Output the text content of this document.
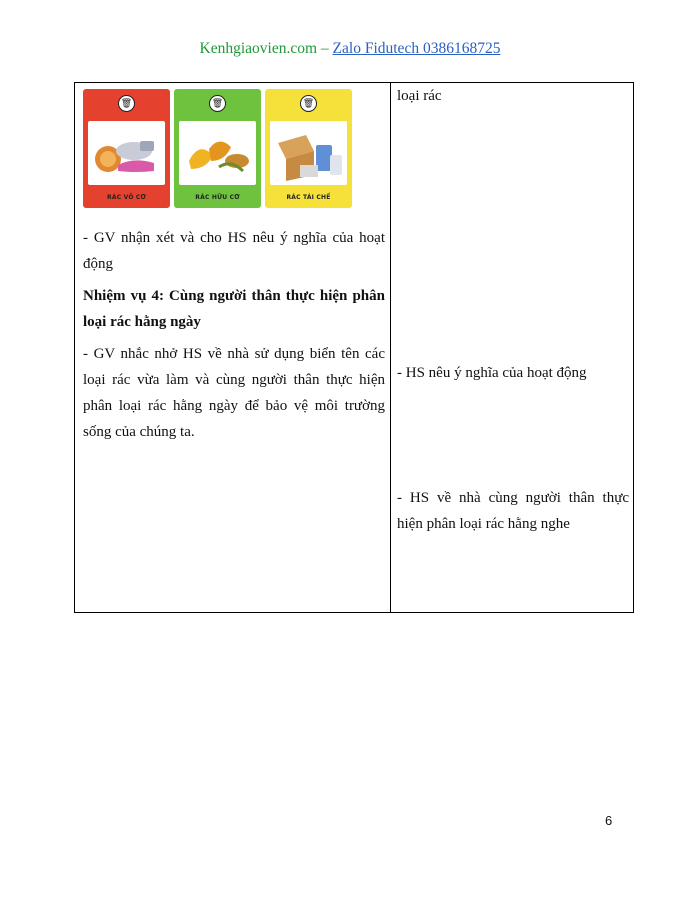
Kenhgiaovien.com – Zalo Fidutech 0386168725
🗑
RÁC VÔ CƠ
🗑
RÁC HỮU CƠ
🗑
RÁC TÁI CHẾ

- GV nhận xét và cho HS nêu ý nghĩa của hoạt động

Nhiệm vụ 4: Cùng người thân thực hiện phân loại rác hằng ngày

- GV nhắc nhở HS về nhà sử dụng biển tên các loại rác vừa làm và cùng người thân thực hiện phân loại rác hằng ngày để bảo vệ môi trường sống của chúng ta.

loại rác

- HS nêu ý nghĩa của hoạt động

- HS về nhà cùng người thân thực hiện phân loại rác hằng nghe

6
